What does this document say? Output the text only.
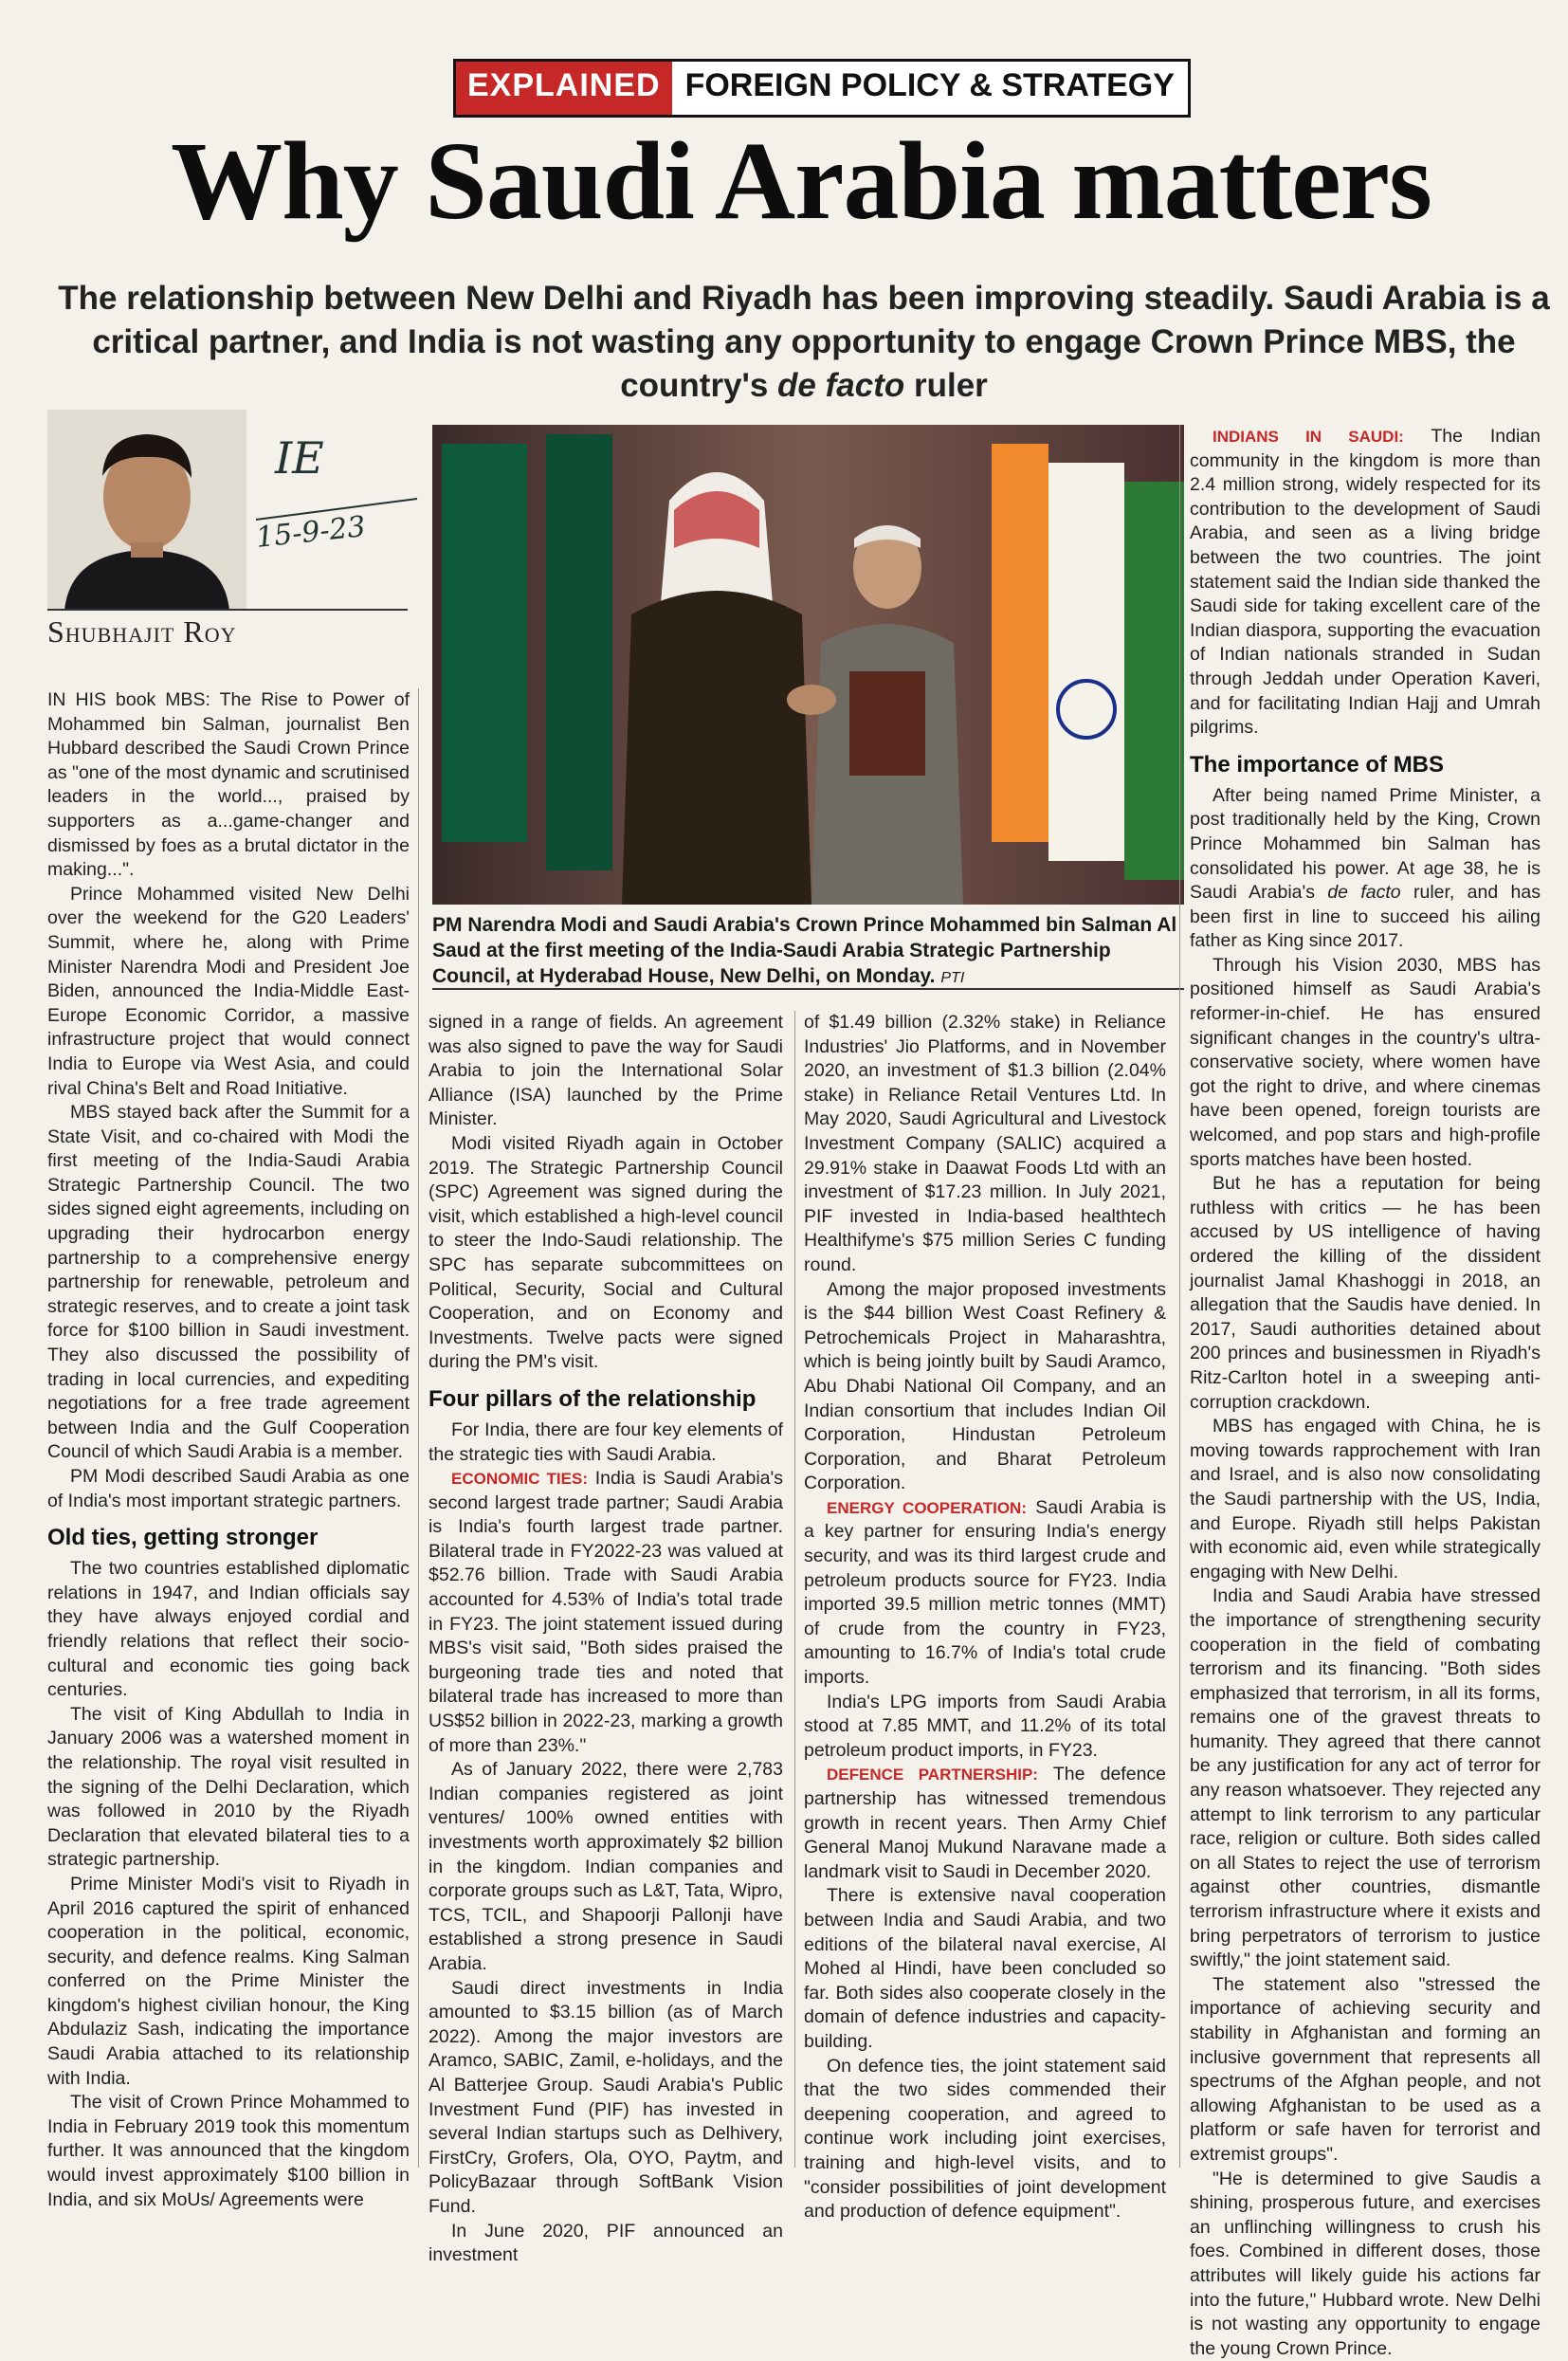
EXPLAINED FOREIGN POLICY & STRATEGY
Why Saudi Arabia matters
The relationship between New Delhi and Riyadh has been improving steadily. Saudi Arabia is a critical partner, and India is not wasting any opportunity to engage Crown Prince MBS, the country's de facto ruler
IE
15-9-23
Shubhajit Roy
PM Narendra Modi and Saudi Arabia's Crown Prince Mohammed bin Salman Al Saud at the first meeting of the India-Saudi Arabia Strategic Partnership Council, at Hyderabad House, New Delhi, on Monday. PTI

IN HIS book MBS: The Rise to Power of Mohammed bin Salman, journalist Ben Hubbard described the Saudi Crown Prince as "one of the most dynamic and scrutinised leaders in the world..., praised by supporters as a...game-changer and dismissed by foes as a brutal dictator in the making...".

Prince Mohammed visited New Delhi over the weekend for the G20 Leaders' Summit, where he, along with Prime Minister Narendra Modi and President Joe Biden, announced the India-Middle East-Europe Economic Corridor, a massive infrastructure project that would connect India to Europe via West Asia, and could rival China's Belt and Road Initiative.

MBS stayed back after the Summit for a State Visit, and co-chaired with Modi the first meeting of the India-Saudi Arabia Strategic Partnership Council. The two sides signed eight agreements, including on upgrading their hydrocarbon energy partnership to a comprehensive energy partnership for renewable, petroleum and strategic reserves, and to create a joint task force for $100 billion in Saudi investment. They also discussed the possibility of trading in local currencies, and expediting negotiations for a free trade agreement between India and the Gulf Cooperation Council of which Saudi Arabia is a member.

PM Modi described Saudi Arabia as one of India's most important strategic partners.

Old ties, getting stronger

The two countries established diplomatic relations in 1947, and Indian officials say they have always enjoyed cordial and friendly relations that reflect their socio-cultural and economic ties going back centuries.

The visit of King Abdullah to India in January 2006 was a watershed moment in the relationship. The royal visit resulted in the signing of the Delhi Declaration, which was followed in 2010 by the Riyadh Declaration that elevated bilateral ties to a strategic partnership.

Prime Minister Modi's visit to Riyadh in April 2016 captured the spirit of enhanced cooperation in the political, economic, security, and defence realms. King Salman conferred on the Prime Minister the kingdom's highest civilian honour, the King Abdulaziz Sash, indicating the importance Saudi Arabia attached to its relationship with India.

The visit of Crown Prince Mohammed to India in February 2019 took this momentum further. It was announced that the kingdom would invest approximately $100 billion in India, and six MoUs/ Agreements were

signed in a range of fields. An agreement was also signed to pave the way for Saudi Arabia to join the International Solar Alliance (ISA) launched by the Prime Minister.

Modi visited Riyadh again in October 2019. The Strategic Partnership Council (SPC) Agreement was signed during the visit, which established a high-level council to steer the Indo-Saudi relationship. The SPC has separate subcommittees on Political, Security, Social and Cultural Cooperation, and on Economy and Investments. Twelve pacts were signed during the PM's visit.

Four pillars of the relationship

For India, there are four key elements of the strategic ties with Saudi Arabia.

ECONOMIC TIES: India is Saudi Arabia's second largest trade partner; Saudi Arabia is India's fourth largest trade partner. Bilateral trade in FY2022-23 was valued at $52.76 billion. Trade with Saudi Arabia accounted for 4.53% of India's total trade in FY23. The joint statement issued during MBS's visit said, "Both sides praised the burgeoning trade ties and noted that bilateral trade has increased to more than US$52 billion in 2022-23, marking a growth of more than 23%."

As of January 2022, there were 2,783 Indian companies registered as joint ventures/ 100% owned entities with investments worth approximately $2 billion in the kingdom. Indian companies and corporate groups such as L&T, Tata, Wipro, TCS, TCIL, and Shapoorji Pallonji have established a strong presence in Saudi Arabia.

Saudi direct investments in India amounted to $3.15 billion (as of March 2022). Among the major investors are Aramco, SABIC, Zamil, e-holidays, and the Al Batterjee Group. Saudi Arabia's Public Investment Fund (PIF) has invested in several Indian startups such as Delhivery, FirstCry, Grofers, Ola, OYO, Paytm, and PolicyBazaar through SoftBank Vision Fund.

In June 2020, PIF announced an investment

of $1.49 billion (2.32% stake) in Reliance Industries' Jio Platforms, and in November 2020, an investment of $1.3 billion (2.04% stake) in Reliance Retail Ventures Ltd. In May 2020, Saudi Agricultural and Livestock Investment Company (SALIC) acquired a 29.91% stake in Daawat Foods Ltd with an investment of $17.23 million. In July 2021, PIF invested in India-based healthtech Healthifyme's $75 million Series C funding round.

Among the major proposed investments is the $44 billion West Coast Refinery & Petrochemicals Project in Maharashtra, which is being jointly built by Saudi Aramco, Abu Dhabi National Oil Company, and an Indian consortium that includes Indian Oil Corporation, Hindustan Petroleum Corporation, and Bharat Petroleum Corporation.

ENERGY COOPERATION: Saudi Arabia is a key partner for ensuring India's energy security, and was its third largest crude and petroleum products source for FY23. India imported 39.5 million metric tonnes (MMT) of crude from the country in FY23, amounting to 16.7% of India's total crude imports.

India's LPG imports from Saudi Arabia stood at 7.85 MMT, and 11.2% of its total petroleum product imports, in FY23.

DEFENCE PARTNERSHIP: The defence partnership has witnessed tremendous growth in recent years. Then Army Chief General Manoj Mukund Naravane made a landmark visit to Saudi in December 2020.

There is extensive naval cooperation between India and Saudi Arabia, and two editions of the bilateral naval exercise, Al Mohed al Hindi, have been concluded so far. Both sides also cooperate closely in the domain of defence industries and capacity-building.

On defence ties, the joint statement said that the two sides commended their deepening cooperation, and agreed to continue work including joint exercises, training and high-level visits, and to "consider possibilities of joint development and production of defence equipment".

INDIANS IN SAUDI: The Indian community in the kingdom is more than 2.4 million strong, widely respected for its contribution to the development of Saudi Arabia, and seen as a living bridge between the two countries. The joint statement said the Indian side thanked the Saudi side for taking excellent care of the Indian diaspora, supporting the evacuation of Indian nationals stranded in Sudan through Jeddah under Operation Kaveri, and for facilitating Indian Hajj and Umrah pilgrims.

The importance of MBS

After being named Prime Minister, a post traditionally held by the King, Crown Prince Mohammed bin Salman has consolidated his power. At age 38, he is Saudi Arabia's de facto ruler, and has been first in line to succeed his ailing father as King since 2017.

Through his Vision 2030, MBS has positioned himself as Saudi Arabia's reformer-in-chief. He has ensured significant changes in the country's ultra-conservative society, where women have got the right to drive, and where cinemas have been opened, foreign tourists are welcomed, and pop stars and high-profile sports matches have been hosted.

But he has a reputation for being ruthless with critics — he has been accused by US intelligence of having ordered the killing of the dissident journalist Jamal Khashoggi in 2018, an allegation that the Saudis have denied. In 2017, Saudi authorities detained about 200 princes and businessmen in Riyadh's Ritz-Carlton hotel in a sweeping anti-corruption crackdown.

MBS has engaged with China, he is moving towards rapprochement with Iran and Israel, and is also now consolidating the Saudi partnership with the US, India, and Europe. Riyadh still helps Pakistan with economic aid, even while strategically engaging with New Delhi.

India and Saudi Arabia have stressed the importance of strengthening security cooperation in the field of combating terrorism and its financing. "Both sides emphasized that terrorism, in all its forms, remains one of the gravest threats to humanity. They agreed that there cannot be any justification for any act of terror for any reason whatsoever. They rejected any attempt to link terrorism to any particular race, religion or culture. Both sides called on all States to reject the use of terrorism against other countries, dismantle terrorism infrastructure where it exists and bring perpetrators of terrorism to justice swiftly," the joint statement said.

The statement also "stressed the importance of achieving security and stability in Afghanistan and forming an inclusive government that represents all spectrums of the Afghan people, and not allowing Afghanistan to be used as a platform or safe haven for terrorist and extremist groups".

"He is determined to give Saudis a shining, prosperous future, and exercises an unflinching willingness to crush his foes. Combined in different doses, those attributes will likely guide his actions far into the future," Hubbard wrote. New Delhi is not wasting any opportunity to engage the young Crown Prince.
